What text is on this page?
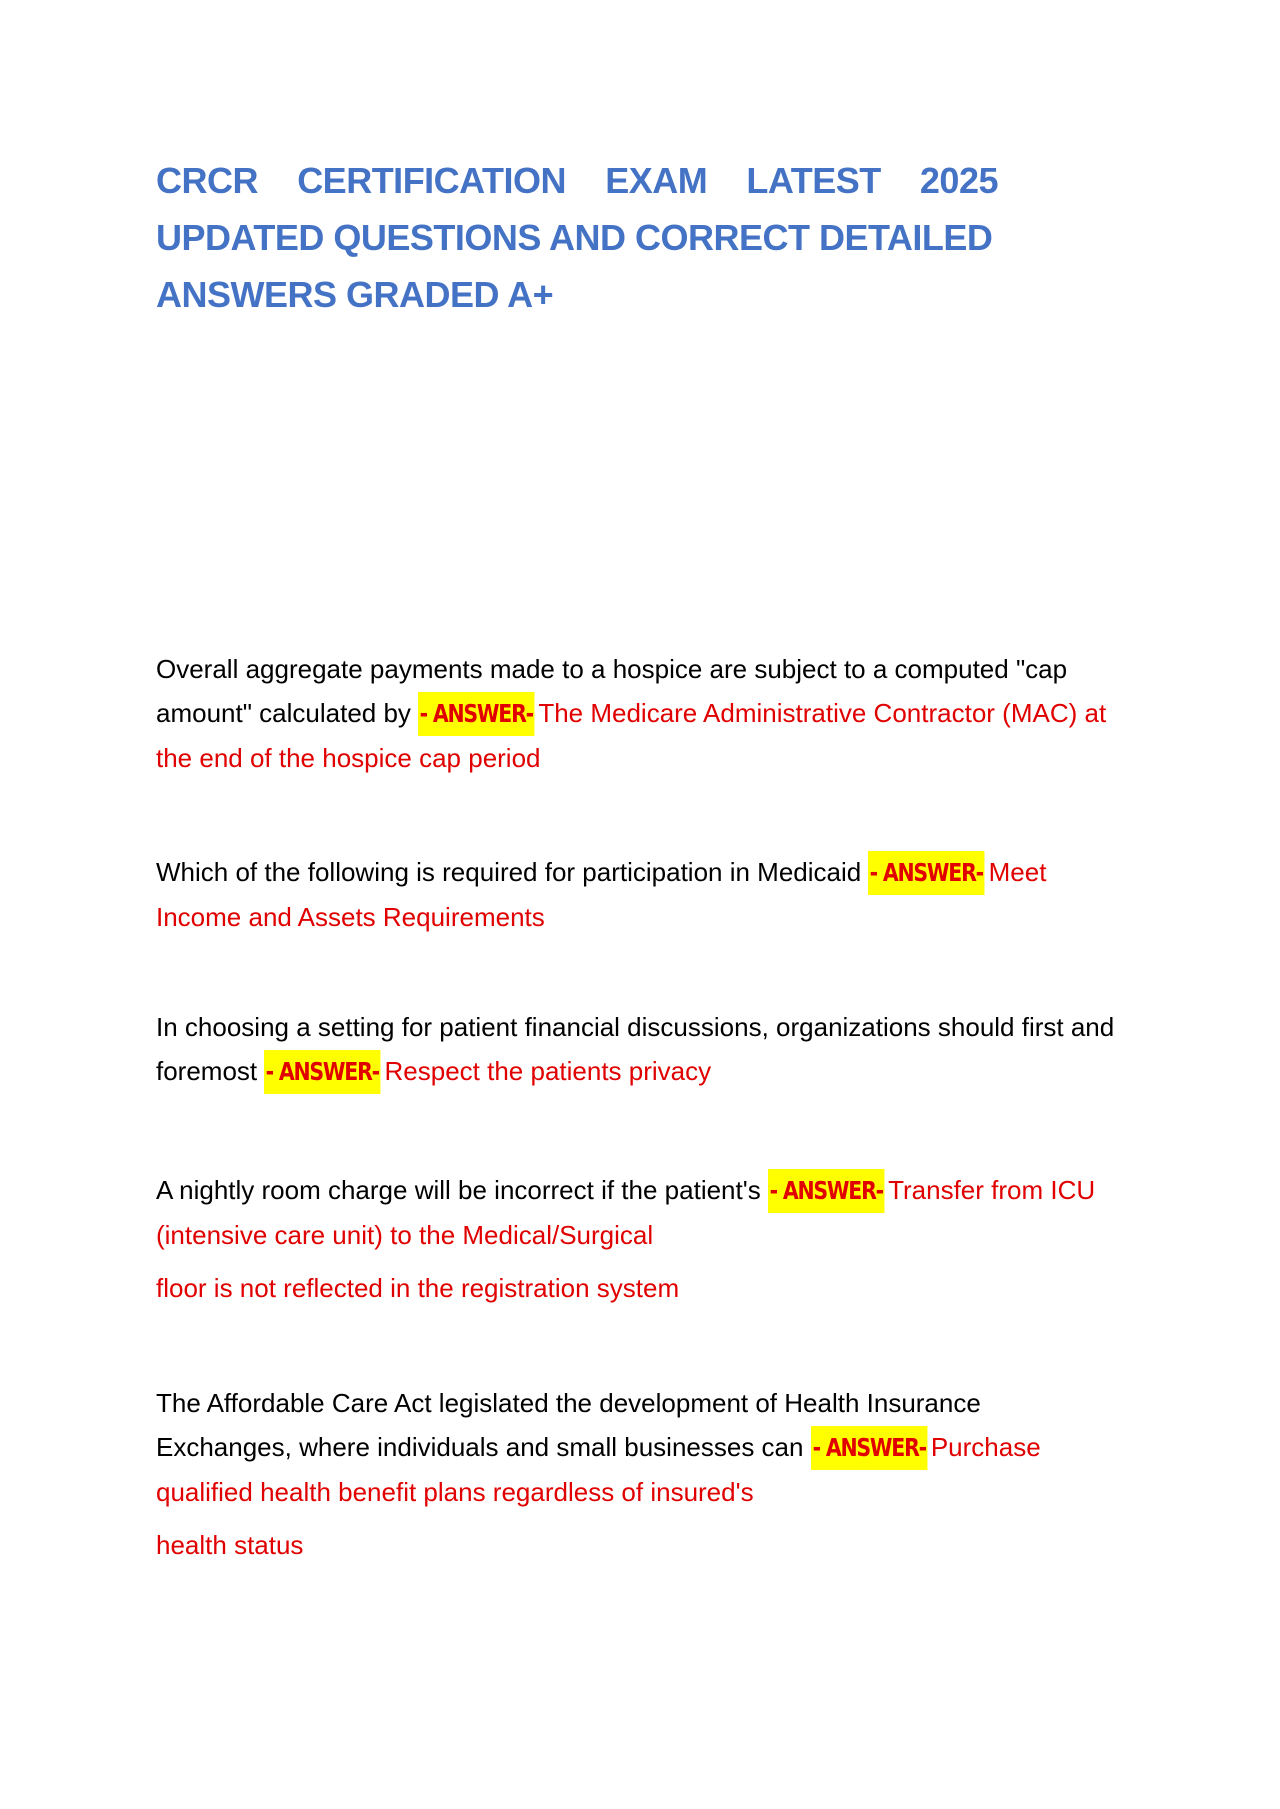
CRCR CERTIFICATION EXAM LATEST 2025
UPDATED QUESTIONS AND CORRECT DETAILED
ANSWERS GRADED A+

Overall aggregate payments made to a hospice are subject to a computed "cap amount" calculated by - ANSWER- The Medicare Administrative Contractor (MAC) at the end of the hospice cap period

Which of the following is required for participation in Medicaid - ANSWER- Meet Income and Assets Requirements

In choosing a setting for patient financial discussions, organizations should first and foremost - ANSWER- Respect the patients privacy

A nightly room charge will be incorrect if the patient's - ANSWER- Transfer from ICU (intensive care unit) to the Medical/Surgical

floor is not reflected in the registration system

The Affordable Care Act legislated the development of Health Insurance Exchanges, where individuals and small businesses can - ANSWER- Purchase qualified health benefit plans regardless of insured's

health status
